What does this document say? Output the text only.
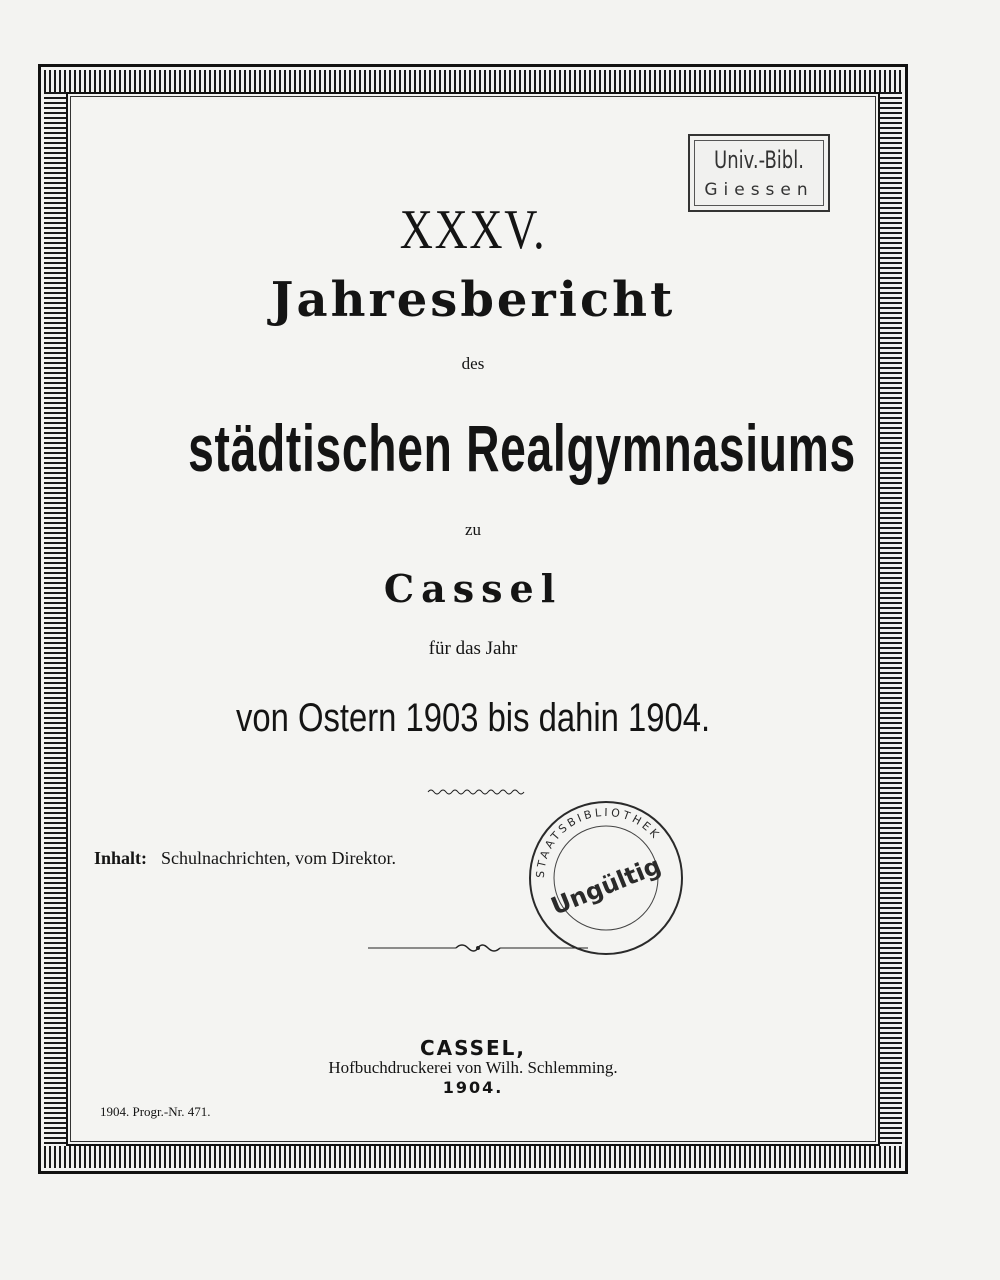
Univ.-Bibl.
Giessen
XXXV.
Jahresbericht
des
städtischen Realgymnasiums
zu
Cassel
für das Jahr
von Ostern 1903 bis dahin 1904.
Inhalt: Schulnachrichten, vom Direktor.
CASSEL,
Hofbuchdruckerei von Wilh. Schlemming.
1904.
1904. Progr.-Nr. 471.
STAATSBIBLIOTHEK
Ungültig
